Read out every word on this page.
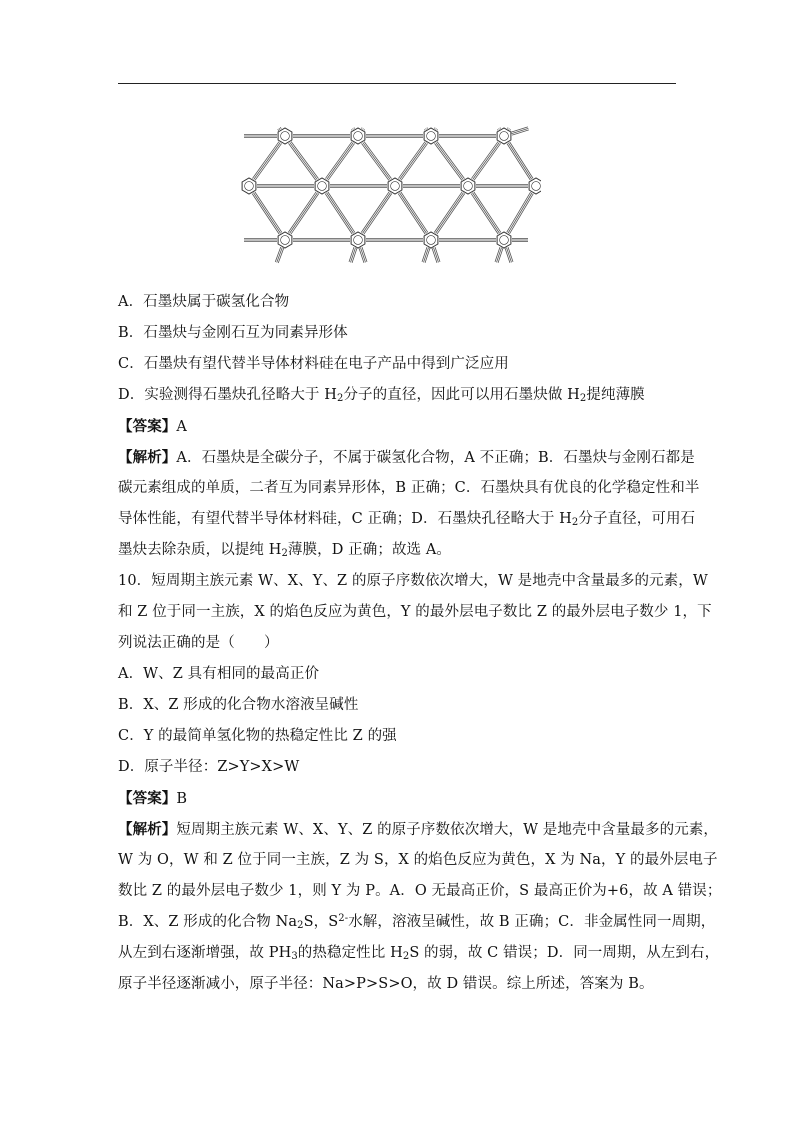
A．石墨炔属于碳氢化合物
B．石墨炔与金刚石互为同素异形体
C．石墨炔有望代替半导体材料硅在电子产品中得到广泛应用
D．实验测得石墨炔孔径略大于 $H_2$分子的直径，因此可以用石墨炔做 $H_2$提纯薄膜
【答案】A
【解析】A．石墨炔是全碳分子，不属于碳氢化合物，A 不正确；B．石墨炔与金刚石都是
碳元素组成的单质，二者互为同素异形体，B 正确；C．石墨炔具有优良的化学稳定性和半
导体性能，有望代替半导体材料硅，C 正确；D．石墨炔孔径略大于 $H_2$分子直径，可用石
墨炔去除杂质，以提纯 $H_2$薄膜，D 正确；故选 A。
10．短周期主族元素 W、X、Y、Z 的原子序数依次增大，W 是地壳中含量最多的元素，W
和 Z 位于同一主族，X 的焰色反应为黄色，Y 的最外层电子数比 Z 的最外层电子数少 1，下
列说法正确的是（　　）
A．W、Z 具有相同的最高正价
B．X、Z 形成的化合物水溶液呈碱性
C．Y 的最简单氢化物的热稳定性比 Z 的强
D．原子半径：Z>Y>X>W
【答案】B
【解析】短周期主族元素 W、X、Y、Z 的原子序数依次增大，W 是地壳中含量最多的元素，
W 为 O，W 和 Z 位于同一主族，Z 为 S，X 的焰色反应为黄色，X 为 Na，Y 的最外层电子
数比 Z 的最外层电子数少 1，则 Y 为 P。A．O 无最高正价，S 最高正价为+6，故 A 错误；
B．X、Z 形成的化合物 $Na_2S$，$S^{2-}$水解，溶液呈碱性，故 B 正确；C．非金属性同一周期，
从左到右逐渐增强，故 $PH_3$的热稳定性比 $H_2S$ 的弱，故 C 错误；D．同一周期，从左到右，
原子半径逐渐减小，原子半径：Na>P>S>O，故 D 错误。综上所述，答案为 B。
